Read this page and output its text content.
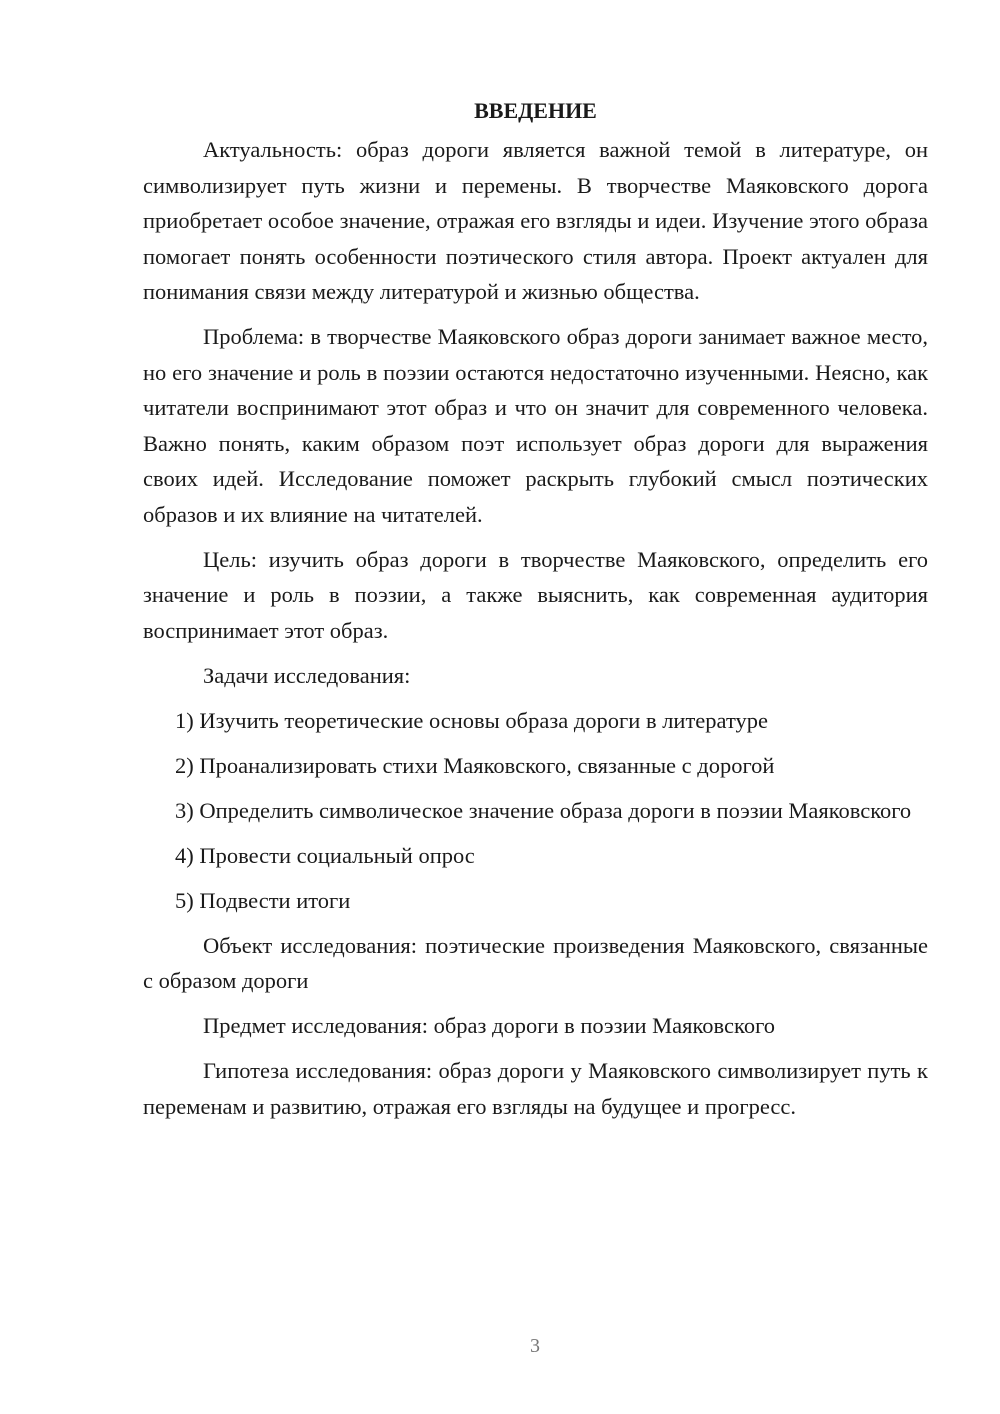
ВВЕДЕНИЕ

Актуальность: образ дороги является важной темой в литературе, он символизирует путь жизни и перемены. В творчестве Маяковского дорога приобретает особое значение, отражая его взгляды и идеи. Изучение этого образа помогает понять особенности поэтического стиля автора. Проект актуален для понимания связи между литературой и жизнью общества.

Проблема: в творчестве Маяковского образ дороги занимает важное место, но его значение и роль в поэзии остаются недостаточно изученными. Неясно, как читатели воспринимают этот образ и что он значит для современного человека. Важно понять, каким образом поэт использует образ дороги для выражения своих идей. Исследование поможет раскрыть глубокий смысл поэтических образов и их влияние на читателей.

Цель: изучить образ дороги в творчестве Маяковского, определить его значение и роль в поэзии, а также выяснить, как современная аудитория воспринимает этот образ.

Задачи исследования:

1) Изучить теоретические основы образа дороги в литературе

2) Проанализировать стихи Маяковского, связанные с дорогой

3) Определить символическое значение образа дороги в поэзии Маяковского

4) Провести социальный опрос

5) Подвести итоги

Объект исследования: поэтические произведения Маяковского, связанные с образом дороги

Предмет исследования: образ дороги в поэзии Маяковского

Гипотеза исследования: образ дороги у Маяковского символизирует путь к переменам и развитию, отражая его взгляды на будущее и прогресс.

3
